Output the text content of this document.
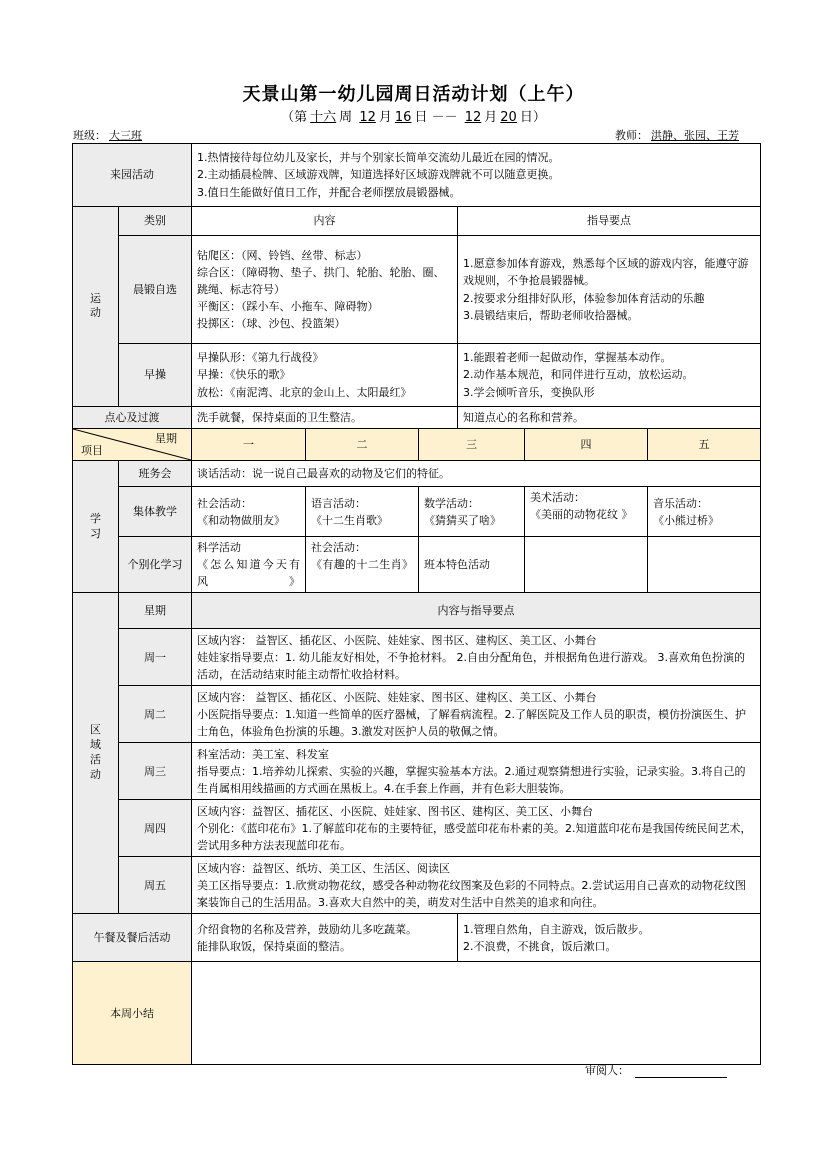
天景山第一幼儿园周日活动计划（上午）
（第 十六 周 12 月 16 日 －－ 12 月 20 日）
班级： 大三班	教师： 洪静、张园、王芳
来园活动		1.热情接待每位幼儿及家长，并与个别家长简单交流幼儿最近在园的情况。
2.主动插晨检牌、区域游戏牌，知道选择好区域游戏牌就不可以随意更换。
3.值日生能做好值日工作，并配合老师摆放晨锻器械。					

运动	类别	内容			指导要点		
	晨锻自选	钻爬区：（网、铃铛、丝带、标志）
综合区：（障碍物、垫子、拱门、轮胎、轮胎、圈、跳绳、标志符号）
平衡区：（踩小车、小拖车、障碍物）
投掷区：（球、沙包、投篮架）			1.愿意参加体育游戏，熟悉每个区域的游戏内容，能遵守游戏规则，不争抢晨锻器械。
2.按要求分组排好队形，体验参加体育活动的乐趣
3.晨锻结束后，帮助老师收拾器械。		

	早操	早操队形：《第九行战役》
早操：《快乐的歌》
放松：《南泥湾、北京的金山上、太阳最红》			1.能跟着老师一起做动作，掌握基本动作。
2.动作基本规范，和同伴进行互动，放松运动。
3.学会倾听音乐，变换队形		

点心及过渡		洗手就餐，保持桌面的卫生整洁。			知道点心的名称和营养。		

星期
项目		一	二	三		四	五
学习	班务会	谈话活动：说一说自己最喜欢的动物及它们的特征。					
	集体教学	社会活动：
《和动物做朋友》	语言活动：
《十二生肖歌》	数学活动：
《猜猜买了啥》		美术活动：
《美丽的动物花纹 》	音乐活动：
《小熊过桥》

	个别化学习	科学活动
《怎么知道今天有风》	社会活动：
《有趣的十二生肖》	班本特色活动			

区域活动	星期	内容与指导要点					
	周一	区域内容： 益智区、插花区、小医院、娃娃家、图书区、建构区、美工区、小舞台
娃娃家指导要点：1. 幼儿能友好相处，不争抢材料。 2.自由分配角色，并根据角色进行游戏。 3.喜欢角色扮演的活动，在活动结束时能主动帮忙收拾材料。					

	周二	区域内容： 益智区、插花区、小医院、娃娃家、图书区、建构区、美工区、小舞台
小医院指导要点：1.知道一些简单的医疗器械，了解看病流程。2.了解医院及工作人员的职责，模仿扮演医生、护士角色，体验角色扮演的乐趣。3.激发对医护人员的敬佩之情。					

	周三	科室活动：美工室、科发室
指导要点：1.培养幼儿探索、实验的兴趣，掌握实验基本方法。2.通过观察猜想进行实验，记录实验。3.将自己的生肖属相用线描画的方式画在黑板上。4.在手套上作画，并有色彩大胆装饰。					

	周四	区域内容：益智区、插花区、小医院、娃娃家、图书区、建构区、美工区、小舞台
个别化：《蓝印花布》1.了解蓝印花布的主要特征，感受蓝印花布朴素的美。2.知道蓝印花布是我国传统民间艺术，尝试用多种方法表现蓝印花布。					

	周五	区域内容：益智区、纸坊、美工区、生活区、阅读区
美工区指导要点：1.欣赏动物花纹，感受各种动物花纹图案及色彩的不同特点。2.尝试运用自己喜欢的动物花纹图案装饰自己的生活用品。3.喜欢大自然中的美，萌发对生活中自然美的追求和向往。					

午餐及餐后活动		介绍食物的名称及营养，鼓励幼儿多吃蔬菜。
能排队取饭，保持桌面的整洁。			1.管理自然角，自主游戏，饭后散步。
2.不浪费，不挑食，饭后漱口。		

本周小结							
审阅人：
